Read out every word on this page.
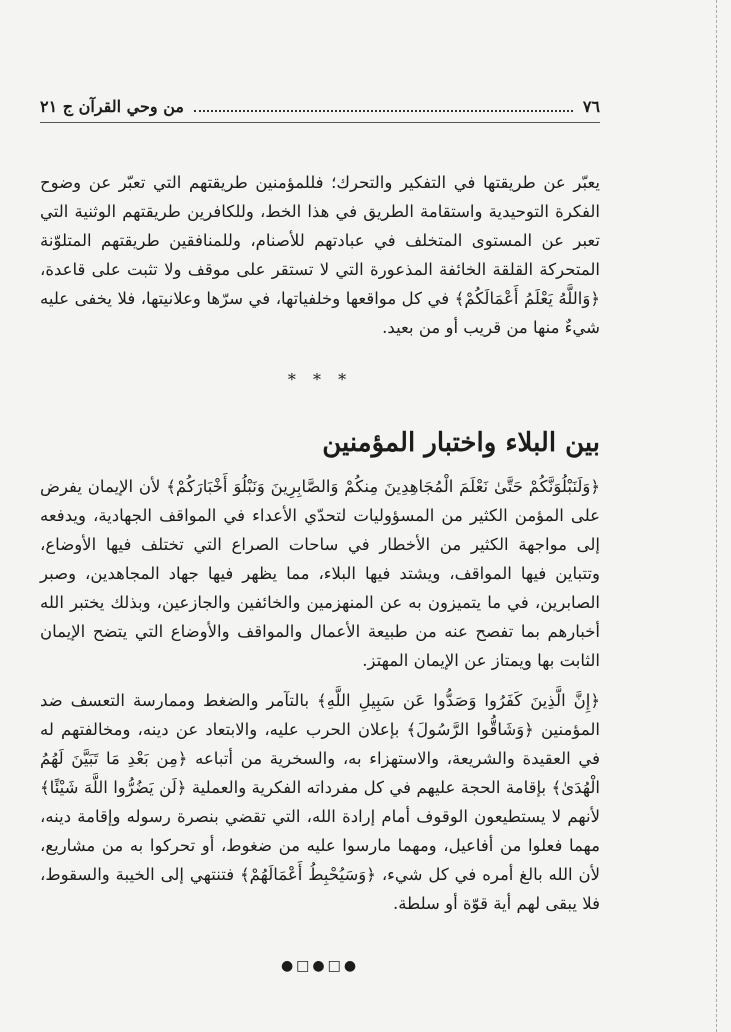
٧٦
من وحي القرآن ج ٢١

يعبّر عن طريقتها في التفكير والتحرك؛ فللمؤمنين طريقتهم التي تعبّر عن وضوح الفكرة التوحيدية واستقامة الطريق في هذا الخط، وللكافرين طريقتهم الوثنية التي تعبر عن المستوى المتخلف في عبادتهم للأصنام، وللمنافقين طريقتهم المتلوّنة المتحركة القلقة الخائفة المذعورة التي لا تستقر على موقف ولا تثبت على قاعدة، ﴿وَاللَّهُ يَعْلَمُ أَعْمَالَكُمْ﴾ في كل مواقعها وخلفياتها، في سرّها وعلانيتها، فلا يخفى عليه شيءٌ منها من قريب أو من بعيد.

* * *
بين البلاء واختبار المؤمنين

﴿وَلَنَبْلُوَنَّكُمْ حَتَّىٰ نَعْلَمَ الْمُجَاهِدِينَ مِنكُمْ وَالصَّابِرِينَ وَنَبْلُوَ أَخْبَارَكُمْ﴾ لأن الإيمان يفرض على المؤمن الكثير من المسؤوليات لتحدّي الأعداء في المواقف الجهادية، ويدفعه إلى مواجهة الكثير من الأخطار في ساحات الصراع التي تختلف فيها الأوضاع، وتتباين فيها المواقف، ويشتد فيها البلاء، مما يظهر فيها جهاد المجاهدين، وصبر الصابرين، في ما يتميزون به عن المنهزمين والخائفين والجازعين، وبذلك يختبر الله أخبارهم بما تفصح عنه من طبيعة الأعمال والمواقف والأوضاع التي يتضح الإيمان الثابت بها ويمتاز عن الإيمان المهتز.

﴿إِنَّ الَّذِينَ كَفَرُوا وَصَدُّوا عَن سَبِيلِ اللَّهِ﴾ بالتآمر والضغط وممارسة التعسف ضد المؤمنين ﴿وَشَاقُّوا الرَّسُولَ﴾ بإعلان الحرب عليه، والابتعاد عن دينه، ومخالفتهم له في العقيدة والشريعة، والاستهزاء به، والسخرية من أتباعه ﴿مِن بَعْدِ مَا تَبَيَّنَ لَهُمُ الْهُدَىٰ﴾ بإقامة الحجة عليهم في كل مفرداته الفكرية والعملية ﴿لَن يَضُرُّوا اللَّهَ شَيْئًا﴾ لأنهم لا يستطيعون الوقوف أمام إرادة الله، التي تقضي بنصرة رسوله وإقامة دينه، مهما فعلوا من أفاعيل، ومهما مارسوا عليه من ضغوط، أو تحركوا به من مشاريع، لأن الله بالغ أمره في كل شيء، ﴿وَسَيُحْبِطُ أَعْمَالَهُمْ﴾ فتنتهي إلى الخيبة والسقوط، فلا يبقى لهم أية قوّة أو سلطة.

●□●□●
